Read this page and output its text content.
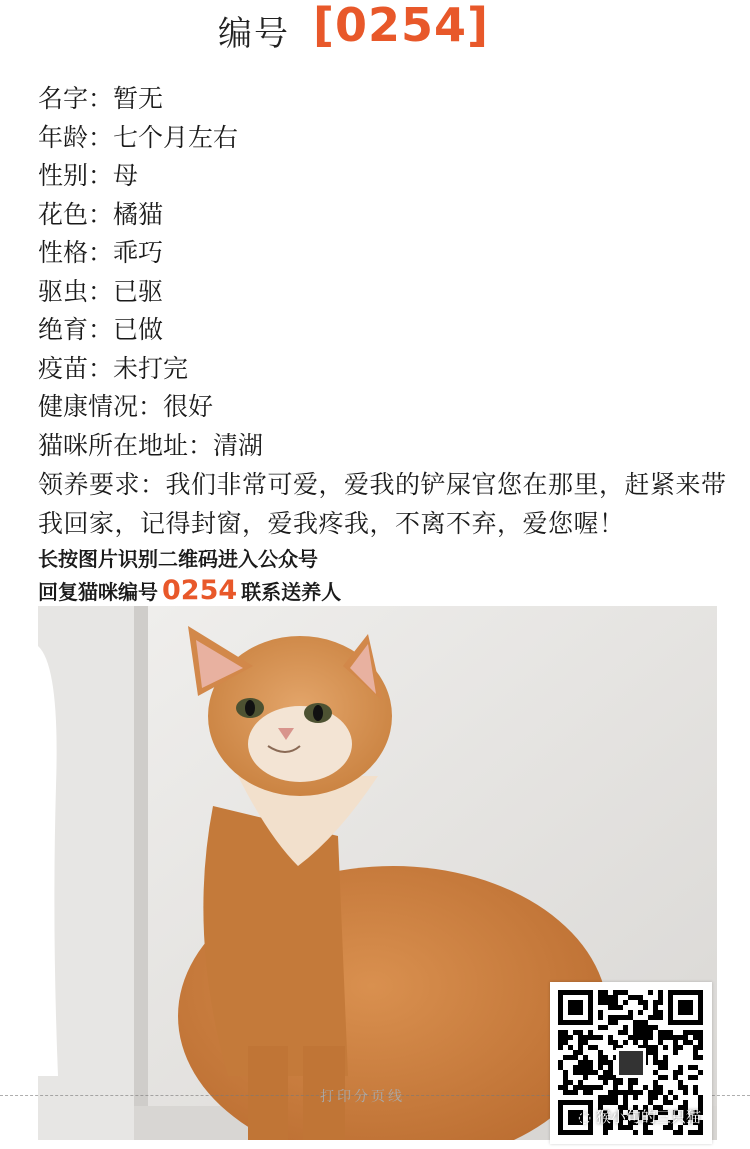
编号 [0254]
名字：暂无
年龄：七个月左右
性别：母
花色：橘猫
性格：乖巧
驱虫：已驱
绝育：已做
疫苗：未打完
健康情况：很好
猫咪所在地址：清湖
领养要求：我们非常可爱，爱我的铲屎官您在那里，赶紧来带我回家，记得封窗，爱我疼我，不离不弃，爱您喔！
长按图片识别二维码进入公众号
回复猫咪编号 0254 联系送养人
打印分页线
◌ 猴小句的三只猫
